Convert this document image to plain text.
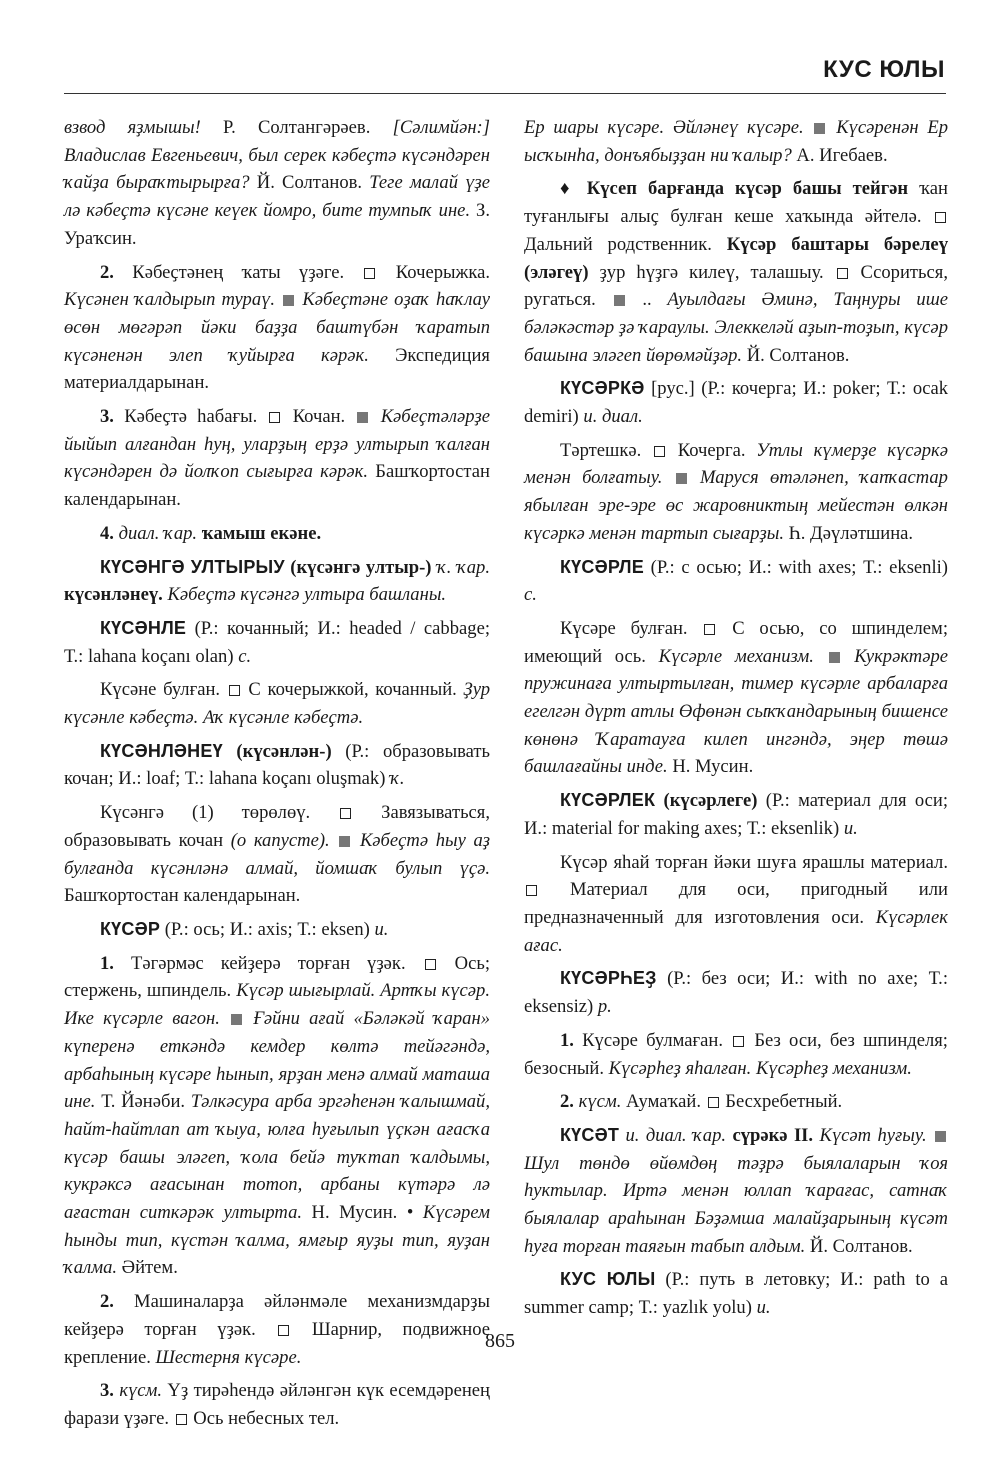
КУС ЮЛЫ

взвод яҙмышы! Р. Солтангәрәев. [Сәлимйән:] Владислав Евгеньевич, был серек кәбеҫтә күсәндәрен ҡайҙа быраҡтырырға? Й. Солтанов. Теге малай үҙе лә кәбеҫтә күсәне кеүек йомро, бите тумпыҡ ине. З. Ураҡсин.

2. Кәбеҫтәнең ҡаты үҙәге.  Кочерыжка. Күсәнен ҡалдырып тураү. Кәбеҫтәне оҙаҡ һаҡлау өсөн мөгәрәп йәки баҙҙа баштүбән ҡаратып күсәненән элеп ҡуйырға кәрәк. Экспедиция материалдарынан.

3. Кәбеҫтә һабағы.  Кочан.  Кәбеҫтәләрҙе йыйып алғандан һуң, уларҙың ерҙә ултырып ҡалған күсәндәрен дә йолҡоп сығырға кәрәк. Башҡортостан календарынан.

4. диал. ҡар. ҡамыш екәне.

КҮСӘНГӘ УЛТЫРЫУ (күсәнгә ултыр-) ҡ. ҡар. күсәнләнеү. Кәбеҫтә күсәнгә ултыра башланы.

КҮСӘНЛЕ (Р.: кочанный; И.: headed / cabbage; Т.: lahana koçanı olan) с.

Күсәне булған.  С кочерыжкой, кочанный. Ҙур күсәнле кәбеҫтә. Аҡ күсәнле кәбеҫтә.

КҮСӘНЛӘНЕҮ (күсәнлән-) (Р.: образовывать кочан; И.: loaf; Т.: lahana koçanı oluşmak) ҡ.

Күсәнгә (1) төрөлөү.  Завязываться, образовывать кочан (о капусте). Кәбеҫтә һыу аҙ булғанда күсәнләнә алмай, йомшаҡ булып үҫә. Башҡортостан календарынан.

КҮСӘР (Р.: ось; И.: axis; Т.: eksen) и.

1. Тәгәрмәс кейҙерә торған үҙәк.  Ось; стержень, шпиндель. Күсәр шығырлай. Артҡы күсәр. Ике күсәрле вагон. Ғәйни ағай «Бәләкәй ҡаран» күперенә еткәндә кемдер көлтә тейәгәндә, арбаһының күсәре һынып, ярҙан менә алмай маташа ине. Т. Йәнәби. Тәлкәсура арба эргәһенән ҡалышмай, һайт-һайтлап ат ҡыуа, юлға һуғылып үҫкән ағасҡа күсәр башы эләгеп, ҡола бейә туҡтап ҡалдымы, кукрәксә ағасынан тотоп, арбаны күтәрә лә ағастан ситкәрәк ултырта. Н. Мусин. • Күсәрем һынды тип, күстән ҡалма, ямғыр яуҙы тип, яуҙан ҡалма. Әйтем.

2. Машиналарҙа әйләнмәле механизмдарҙы кейҙерә торған үҙәк.  Шарнир, подвижное крепление. Шестерня күсәре.

3. күсм. Үҙ тирәһендә әйләнгән күк есемдәренең фарази үҙәге.  Ось небесных тел.

Ер шары күсәре. Әйләнеү күсәре. Күсәренән Ер ысҡынһа, донъябыҙҙан ни ҡалыр? А. Игебаев.

♦ Күсеп барғанда күсәр башы тейгән ҡан туғанлығы алыҫ булған кеше хаҡында әйтелә.  Дальний родственник. Күсәр баштары бәрелеү (эләгеү) ҙур һүҙгә килеү, талашыу.  Ссориться, ругаться.  .. Ауылдағы Әминә, Таңнуры ише бәләкәстәр ҙә ҡараулы. Элеккеләй аҙып-тоҙып, күсәр башына эләгеп йөрөмәйҙәр. Й. Солтанов.

КҮСӘРКӘ [рус.] (Р.: кочерга; И.: poker; Т.: ocak demiri) и. диал.

Тәртешкә.  Кочерга. Утлы күмерҙе күсәркә менән болғатыу. Маруся өтәләнеп, ҡапҡастар ябылған эре-эре өс жаровниктың мейестән өлкән күсәркә менән тартып сығарҙы. Һ. Дәүләтшина.

КҮСӘРЛЕ (Р.: с осью; И.: with axes; Т.: eksenli) с.

Күсәре булған.  С осью, со шпинделем; имеющий ось. Күсәрле механизм. Кукрәктәре пружинаға ултыртылған, тимер күсәрле арбаларға егелгән дүрт атлы Өфөнән сыҡҡандарының бишенсе көнөнә Ҡаратауға килеп ингәндә, эңер төшә башлағайны инде. Н. Мусин.

КҮСӘРЛЕК (күсәрлеге) (Р.: материал для оси; И.: material for making axes; Т.: eksenlik) и.

Күсәр яһай торған йәки шуға ярашлы материал.  Материал для оси, пригодный или предназначенный для изготовления оси. Күсәрлек ағас.

КҮСӘРҺЕҘ (Р.: без оси; И.: with no axe; Т.: eksensiz) р.

1. Күсәре булмаған.  Без оси, без шпинделя; безосный. Күсәрһеҙ яһалған. Күсәрһеҙ механизм.

2. күсм. Аумаҡай.  Бесхребетный.

КҮСӘТ и. диал. ҡар. сүрәкә II. Күсәт һуғыу.  Шул төндө өйөмдөң тәҙрә быялаларын ҡоя һуктылар. Иртә менән юллап ҡарағас, сатнаҡ быялалар араһынан Бәҙәмша малайҙарының күсәт һуға торған таяғын табып алдым. Й. Солтанов.

КУС ЮЛЫ (Р.: путь в летовку; И.: path to a summer camp; Т.: yazlık yolu) и.

865
